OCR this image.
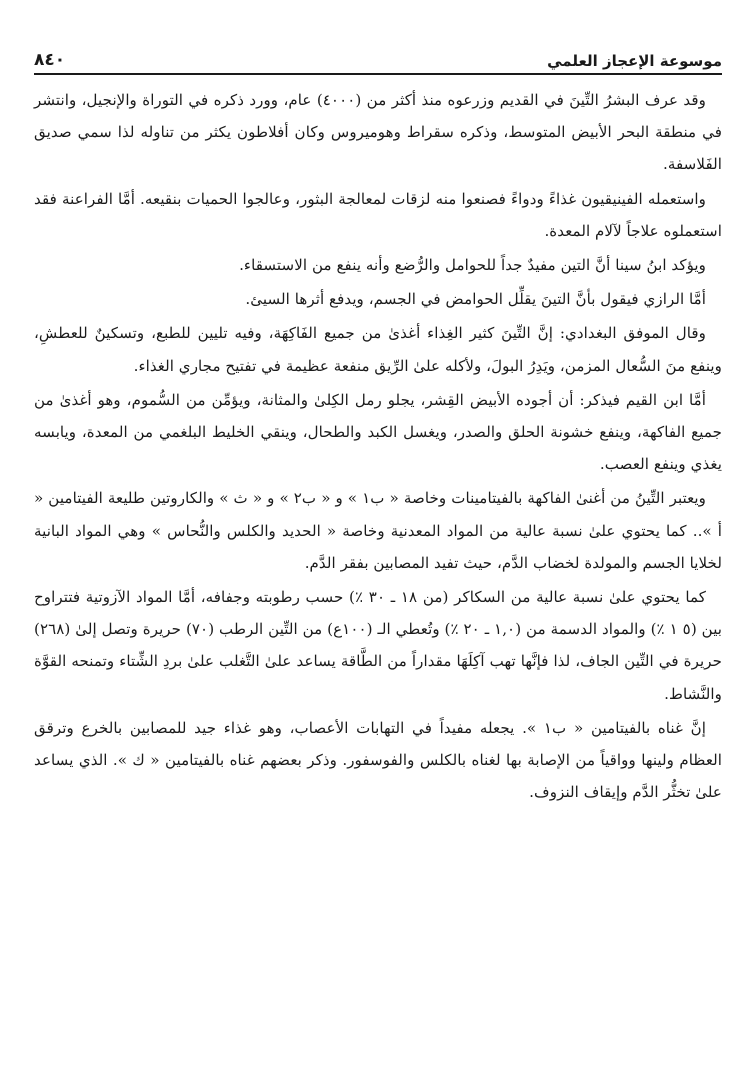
موسوعة الإعجاز العلمي
٨٤٠

وقد عرف البشرُ التِّينَ في القديم وزرعوه منذ أكثر من (٤٠٠٠) عام، وورد ذكره في التوراة والإنجيل، وانتشر في منطقة البحر الأبيض المتوسط، وذكره سقراط وهوميروس وكان أفلاطون يكثر من تناوله لذا سمي صديق الفَلاسفة.

واستعمله الفينيقيون غذاءً ودواءً فصنعوا منه لزقات لمعالجة البثور، وعالجوا الحميات بنقيعه. أمَّا الفراعنة فقد استعملوه علاجاً لآلام المعدة.

ويؤكد ابنُ سينا أنَّ التين مفيدٌ جداً للحوامل والرُّضع وأنه ينفع من الاستسقاء.

أمَّا الرازي فيقول بأنَّ التينَ يقلِّل الحوامض في الجسم، ويدفع أثرها السيئ.

وقال الموفق البغدادي: إنَّ التِّينَ كثير الغِذاء أغذىٰ من جميع الفَاكِهَة، وفيه تليين للطبع، وتسكينٌ للعطشِ، وينفع منَ السُّعال المزمن، ويَدِرُ البولَ، ولأكله علىٰ الرِّيق منفعة عظيمة في تفتيح مجاري الغذاء.

أمَّا ابن القيم فيذكر: أن أجوده الأبيض القِشر، يجلو رمل الكِلىٰ والمثانة، ويؤمِّن من السُّموم، وهو أغذىٰ من جميع الفاكهة، وينفع خشونة الحلق والصدر، ويغسل الكبد والطحال، وينقي الخليط البلغمي من المعدة، ويابسه يغذي وينفع العصب.

ويعتبر التِّينُ من أغنىٰ الفاكهة بالفيتامينات وخاصة « ب١ » و « ب٢ » و « ث » والكاروتين طليعة الفيتامين « أ ».. كما يحتوي علىٰ نسبة عالية من المواد المعدنية وخاصة « الحديد والكلس والنُّحاس » وهي المواد البانية لخلايا الجسم والمولدة لخضاب الدَّم، حيث تفيد المصابين بفقر الدَّم.

كما يحتوي علىٰ نسبة عالية من السكاكر (من ١٨ ـ ٣٠ ٪) حسب رطوبته وجفافه، أمَّا المواد الآزوتية فتتراوح بين (٥ ١ ٪) والمواد الدسمة من (١,٠ ـ ٢٠ ٪) وتُعطي الـ (١٠٠ع) من التِّين الرطب (٧٠) حريرة وتصل إلىٰ (٢٦٨) حريرة في التِّين الجاف، لذا فإنَّها تهب آكِلَهَا مقداراً من الطَّاقة يساعد علىٰ التَّغلب علىٰ بردِ الشِّتاء وتمنحه القوَّة والنَّشاط.

إنَّ غناه بالفيتامين « ب١ ». يجعله مفيداً في التهابات الأعصاب، وهو غذاء جيد للمصابين بالخرع وترقق العظام ولينها وواقياً من الإصابة بها لغناه بالكلس والفوسفور. وذكر بعضهم غناه بالفيتامين « ك ». الذي يساعد علىٰ تخثُّر الدَّم وإيقاف النزوف.
